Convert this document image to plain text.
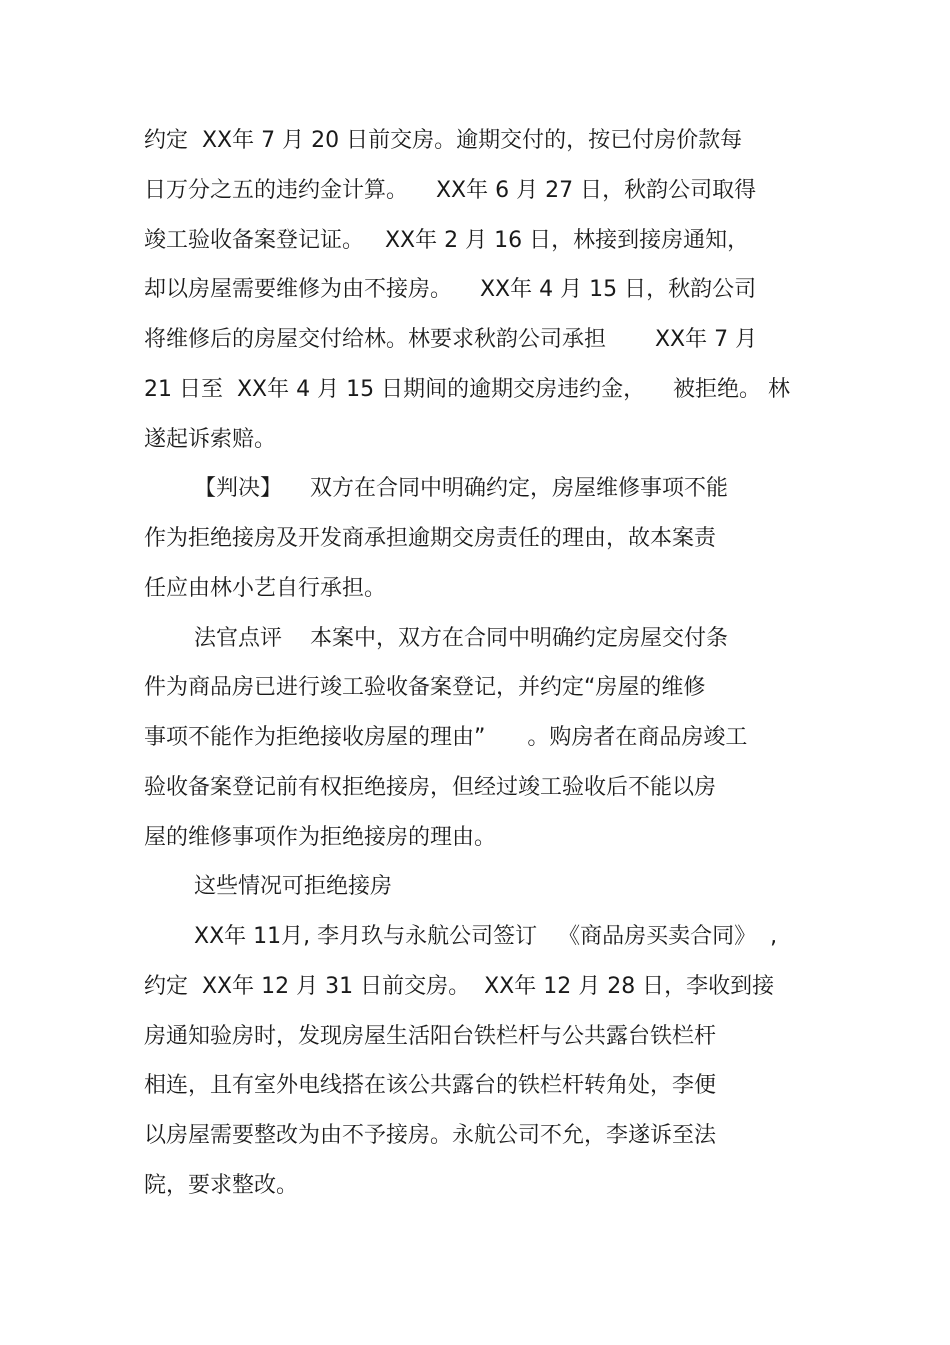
约定  XX年 7 月 20 日前交房。逾期交付的，按已付房价款每

日万分之五的违约金计算。    XX年 6 月 27 日，秋韵公司取得

竣工验收备案登记证。   XX年 2 月 16 日，林接到接房通知，

却以房屋需要维修为由不接房。    XX年 4 月 15 日，秋韵公司

将维修后的房屋交付给林。林要求秋韵公司承担       XX年 7 月

21 日至  XX年 4 月 15 日期间的逾期交房违约金，    被拒绝。 林

遂起诉索赔。

【判决】    双方在合同中明确约定，房屋维修事项不能

作为拒绝接房及开发商承担逾期交房责任的理由，故本案责

任应由林小艺自行承担。

法官点评    本案中，双方在合同中明确约定房屋交付条

件为商品房已进行竣工验收备案登记，并约定“房屋的维修

事项不能作为拒绝接收房屋的理由”      。购房者在商品房竣工

验收备案登记前有权拒绝接房，但经过竣工验收后不能以房

屋的维修事项作为拒绝接房的理由。

这些情况可拒绝接房

XX年 11月, 李月玖与永航公司签订   《商品房买卖合同》  ,

约定  XX年 12 月 31 日前交房。  XX年 12 月 28 日，李收到接

房通知验房时，发现房屋生活阳台铁栏杆与公共露台铁栏杆

相连，且有室外电线搭在该公共露台的铁栏杆转角处，李便

以房屋需要整改为由不予接房。永航公司不允，李遂诉至法

院，要求整改。
